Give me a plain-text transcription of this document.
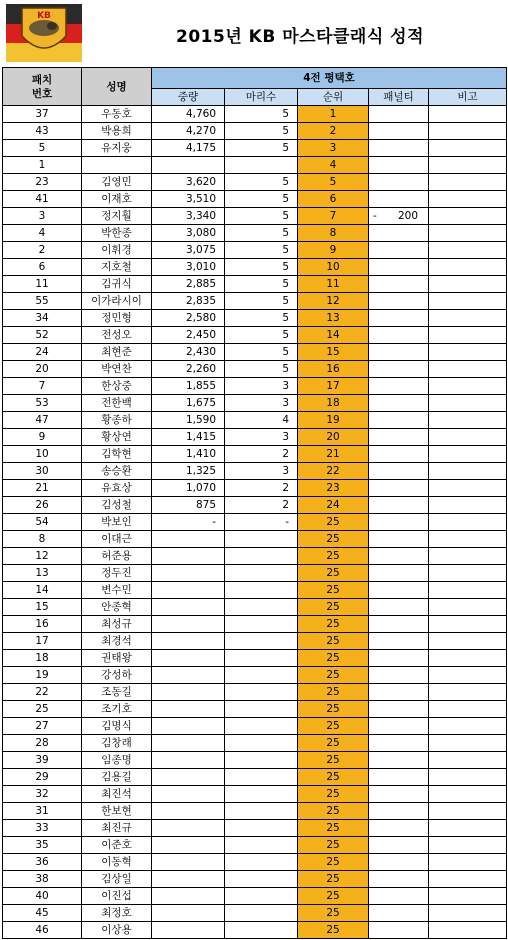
KB
2015년 KB 마스타클래식 성적
패치
번호	성명	4전 평택호				
		중량	마리수	순위	패널티	비고
37	우동호	4,760	5	1	

43	박용희	4,270	5	2	

5	유지웅	4,175	5	3	

1				4	

23	김영민	3,620	5	5	

41	이재호	3,510	5	6	

3	정지훨	3,340	5	7	- 200	

4	박한종	3,080	5	8	

2	이휘경	3,075	5	9	

6	지호철	3,010	5	10	

11	김귀식	2,885	5	11	

55	이가라시이	2,835	5	12	

34	정민형	2,580	5	13	

52	전성오	2,450	5	14	

24	최현준	2,430	5	15	

20	박연찬	2,260	5	16	

7	한상중	1,855	3	17	

53	전한백	1,675	3	18	

47	황종하	1,590	4	19	

9	황상연	1,415	3	20	

10	김학현	1,410	2	21	

30	송승환	1,325	3	22	

21	유효상	1,070	2	23	

26	김성철	875	2	24	

54	박보인	-	-	25	

8	이대근			25	

12	허준용			25	

13	정두진			25	

14	변수민			25	

15	안종혁			25	

16	최성규			25	

17	최경석			25	

18	권태왕			25	

19	강성하			25	

22	조동길			25	

25	조기호			25	

27	김명식			25	

28	김창래			25	

39	임종명			25	

29	김용길			25	

32	최진석			25	

31	한보현			25	

33	최진규			25	

35	이준호			25	

36	이동혁			25	

38	김상일			25	

40	이진섭			25	

45	최정호			25	

46	이상용			25	
